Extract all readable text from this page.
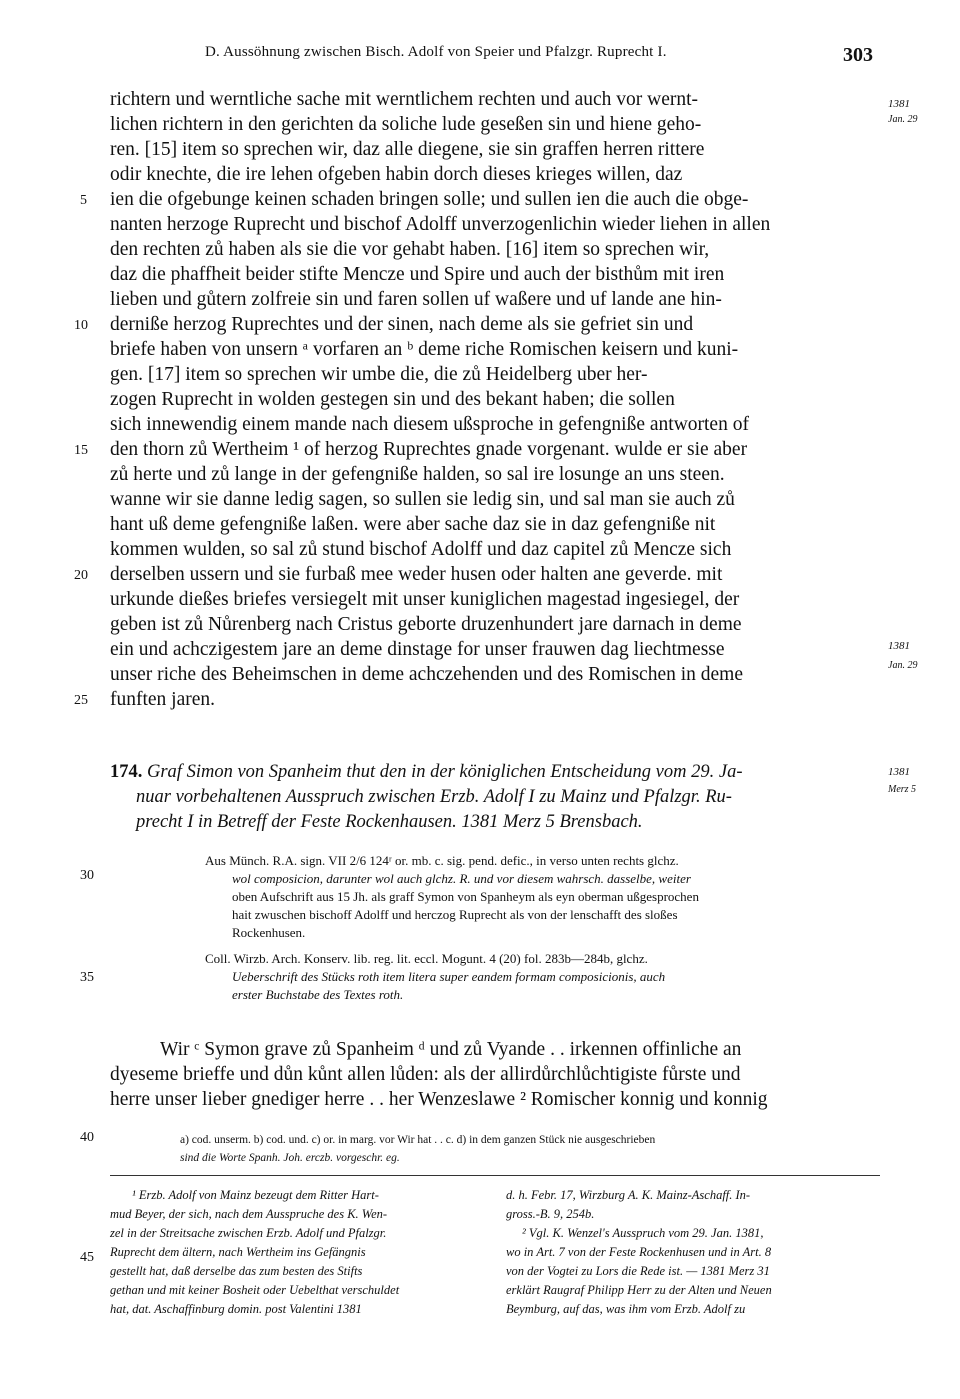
D. Aussöhnung zwischen Bisch. Adolf von Speier und Pfalzgr. Ruprecht I.	303
richtern und werntliche sache mit werntlichem rechten und auch vor wernt-
lichen richtern in den gerichten da soliche lude geseßen sin und hiene geho-
ren. [15] item so sprechen wir, daz alle diegene, sie sin graffen herren rittere
odir knechte, die ire lehen ofgeben habin dorch dieses krieges willen, daz
ien die ofgebunge keinen schaden bringen solle; und sullen ien die auch die obge-
nanten herzoge Ruprecht und bischof Adolff unverzogenlichin wieder liehen in allen
den rechten zů haben als sie die vor gehabt haben. [16] item so sprechen wir,
daz die phaffheit beider stifte Mencze und Spire und auch der bisthům mit iren
lieben und gůtern zolfreie sin und faren sollen uf waßere und uf lande ane hin-
derniße herzog Ruprechtes und der sinen, nach deme als sie gefriet sin und
briefe haben von unsern ᵃ vorfaren an ᵇ deme riche Romischen keisern und kuni-
gen. [17] item so sprechen wir umbe die, die zů Heidelberg uber her-
zogen Ruprecht in wolden gestegen sin und des bekant haben; die sollen
sich innewendig einem mande nach diesem ußsproche in gefengniße antworten of
den thorn zů Wertheim ¹ of herzog Ruprechtes gnade vorgenant. wulde er sie aber
zů herte und zů lange in der gefengniße halden, so sal ire losunge an uns steen.
wanne wir sie danne ledig sagen, so sullen sie ledig sin, und sal man sie auch zů
hant uß deme gefengniße laßen. were aber sache daz sie in daz gefengniße nit
kommen wulden, so sal zů stund bischof Adolff und daz capitel zů Mencze sich
derselben ussern und sie furbaß mee weder husen oder halten ane geverde. mit
urkunde dießes briefes versiegelt mit unser kuniglichen magestad ingesiegel, der
geben ist zů Nůrenberg nach Cristus geborte druzenhundert jare darnach in deme
ein und achczigestem jare an deme dinstage for unser frauwen dag liechtmesse
unser riche des Beheimschen in deme achczehenden und des Romischen in deme
funften jaren.
5
10
15
20
25
30
35
40
45
1381
Jan. 29
1381
Jan. 29
1381
Merz 5
174. Graf Simon von Spanheim thut den in der königlichen Entscheidung vom 29. Ja-
nuar vorbehaltenen Ausspruch zwischen Erzb. Adolf I zu Mainz und Pfalzgr. Ru-
precht I in Betreff der Feste Rockenhausen. 1381 Merz 5 Brensbach.
Aus Münch. R.A. sign. VII 2/6 124ʳ or. mb. c. sig. pend. defic., in verso unten rechts glchz.
wol composicion, darunter wol auch glchz. R. und vor diesem wahrsch. dasselbe, weiter
oben Aufschrift aus 15 Jh. als graff Symon von Spanheym als eyn oberman ußgesprochen
hait zwuschen bischoff Adolff und herczog Ruprecht als von der lenschafft des sloßes
Rockenhusen.
Coll. Wirzb. Arch. Konserv. lib. reg. lit. eccl. Mogunt. 4 (20) fol. 283b—284b, glchz.
Ueberschrift des Stücks roth item litera super eandem formam composicionis, auch
erster Buchstabe des Textes roth.
Wir ᶜ Symon grave zů Spanheim ᵈ und zů Vyande . . irkennen offinliche an
dyeseme brieffe und důn kůnt allen lůden: als der allirdůrchlůchtigiste fůrste und
herre unser lieber gnediger herre . . her Wenzeslawe ² Romischer konnig und konnig
a) cod. unserm. b) cod. und. c) or. in marg. vor Wir hat . . c. d) in dem ganzen Stück nie ausgeschrieben
sind die Worte Spanh. Joh. erczb. vorgeschr. eg.
¹ Erzb. Adolf von Mainz bezeugt dem Ritter Hart-
mud Beyer, der sich, nach dem Ausspruche des K. Wen-
zel in der Streitsache zwischen Erzb. Adolf und Pfalzgr.
Ruprecht dem ältern, nach Wertheim ins Gefängnis
gestellt hat, daß derselbe das zum besten des Stifts
gethan und mit keiner Bosheit oder Uebelthat verschuldet
hat, dat. Aschaffinburg domin. post Valentini 1381
d. h. Febr. 17, Wirzburg A. K. Mainz-Aschaff. In-
gross.-B. 9, 254b.
² Vgl. K. Wenzel's Ausspruch vom 29. Jan. 1381,
wo in Art. 7 von der Feste Rockenhusen und in Art. 8
von der Vogtei zu Lors die Rede ist. — 1381 Merz 31
erklärt Raugraf Philipp Herr zu der Alten und Neuen
Beymburg, auf das, was ihm vom Erzb. Adolf zu
